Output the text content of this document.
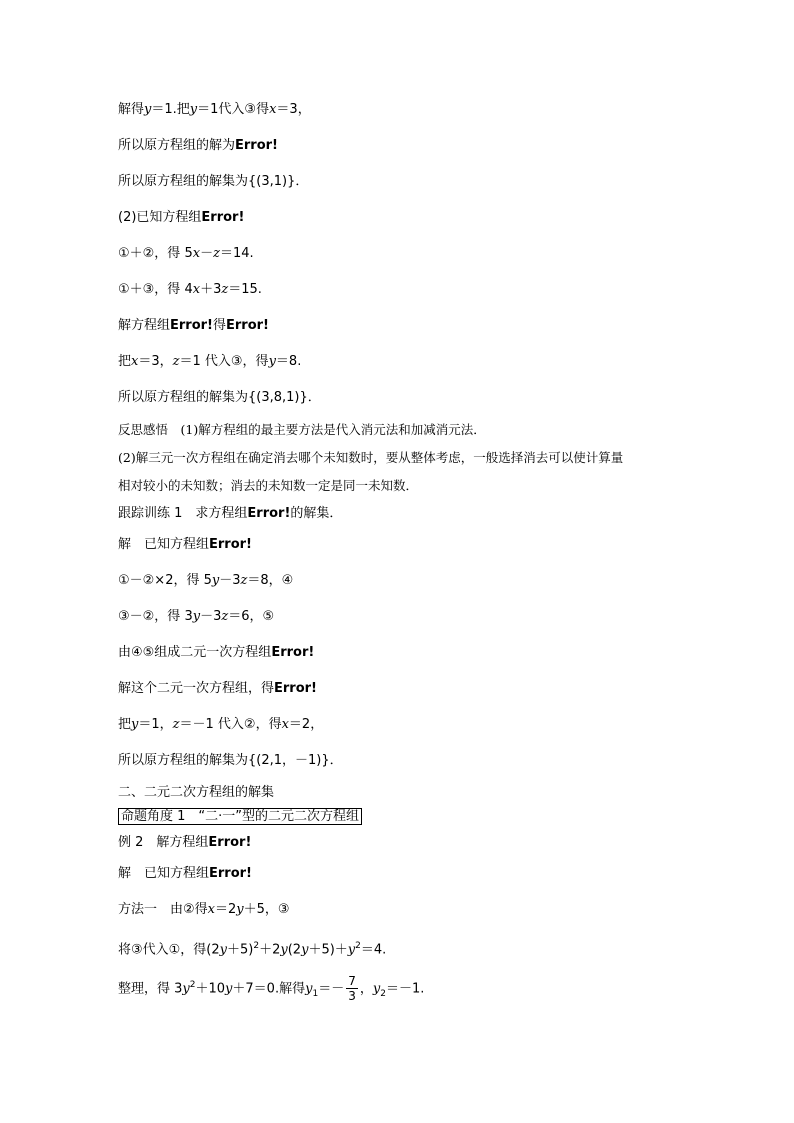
解得y＝1.把y＝1代入③得x＝3，
所以原方程组的解为Error!
所以原方程组的解集为{(3,1)}．
(2)已知方程组Error!
①＋②，得 5x－z＝14.
①＋③，得 4x＋3z＝15.
解方程组Error!得Error!
把x＝3，z＝1 代入③，得y＝8.
所以原方程组的解集为{(3,8,1)}．
反思感悟　(1)解方程组的最主要方法是代入消元法和加减消元法．
(2)解三元一次方程组在确定消去哪个未知数时，要从整体考虑，一般选择消去可以使计算量
相对较小的未知数；消去的未知数一定是同一未知数．
跟踪训练 1　求方程组Error!的解集．
解　已知方程组Error!
①－②×2，得 5y－3z＝8，④
③－②，得 3y－3z＝6，⑤
由④⑤组成二元一次方程组Error!
解这个二元一次方程组，得Error!
把y＝1，z＝－1 代入②，得x＝2，
所以原方程组的解集为{(2,1，－1)}．
二、二元二次方程组的解集
命题角度 1　“二·一”型的二元二次方程组
例 2　解方程组Error!
解　已知方程组Error!
方法一　由②得x＝2y＋5，③
将③代入①，得$(2y+5)^2+2y(2y+5)+y^2=4$.
整理，得 $3y^2+10y+7=0$.解得$y_1=- \frac{7}{3}$ ，$y_2=-1$.
